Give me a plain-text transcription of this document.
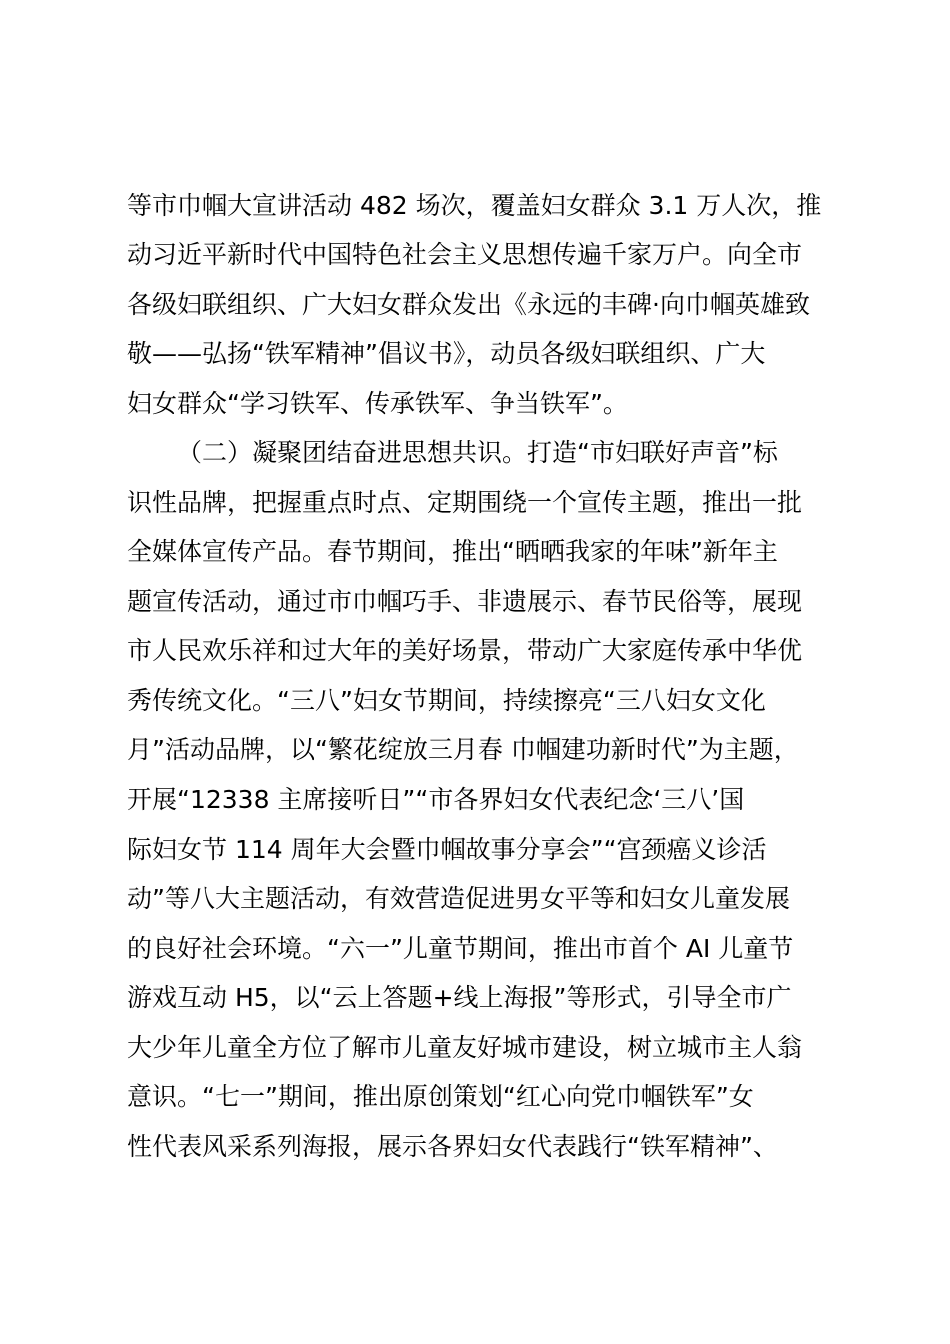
等市巾帼大宣讲活动 482 场次，覆盖妇女群众 3.1 万人次，推
动习近平新时代中国特色社会主义思想传遍千家万户。向全市
各级妇联组织、广大妇女群众发出《永远的丰碑·向巾帼英雄致
敬——弘扬“铁军精神”倡议书》，动员各级妇联组织、广大
妇女群众“学习铁军、传承铁军、争当铁军”。
（二）凝聚团结奋进思想共识。打造“市妇联好声音”标
识性品牌，把握重点时点、定期围绕一个宣传主题，推出一批
全媒体宣传产品。春节期间，推出“晒晒我家的年味”新年主
题宣传活动，通过市巾帼巧手、非遗展示、春节民俗等，展现
市人民欢乐祥和过大年的美好场景，带动广大家庭传承中华优
秀传统文化。“三八”妇女节期间，持续擦亮“三八妇女文化
月”活动品牌，以“繁花绽放三月春 巾帼建功新时代”为主题，
开展“12338 主席接听日”“市各界妇女代表纪念‘三八’国
际妇女节 114 周年大会暨巾帼故事分享会”“宫颈癌义诊活
动”等八大主题活动，有效营造促进男女平等和妇女儿童发展
的良好社会环境。“六一”儿童节期间，推出市首个 AI 儿童节
游戏互动 H5，以“云上答题+线上海报”等形式，引导全市广
大少年儿童全方位了解市儿童友好城市建设，树立城市主人翁
意识。“七一”期间，推出原创策划“红心向党巾帼铁军”女
性代表风采系列海报，展示各界妇女代表践行“铁军精神”、
